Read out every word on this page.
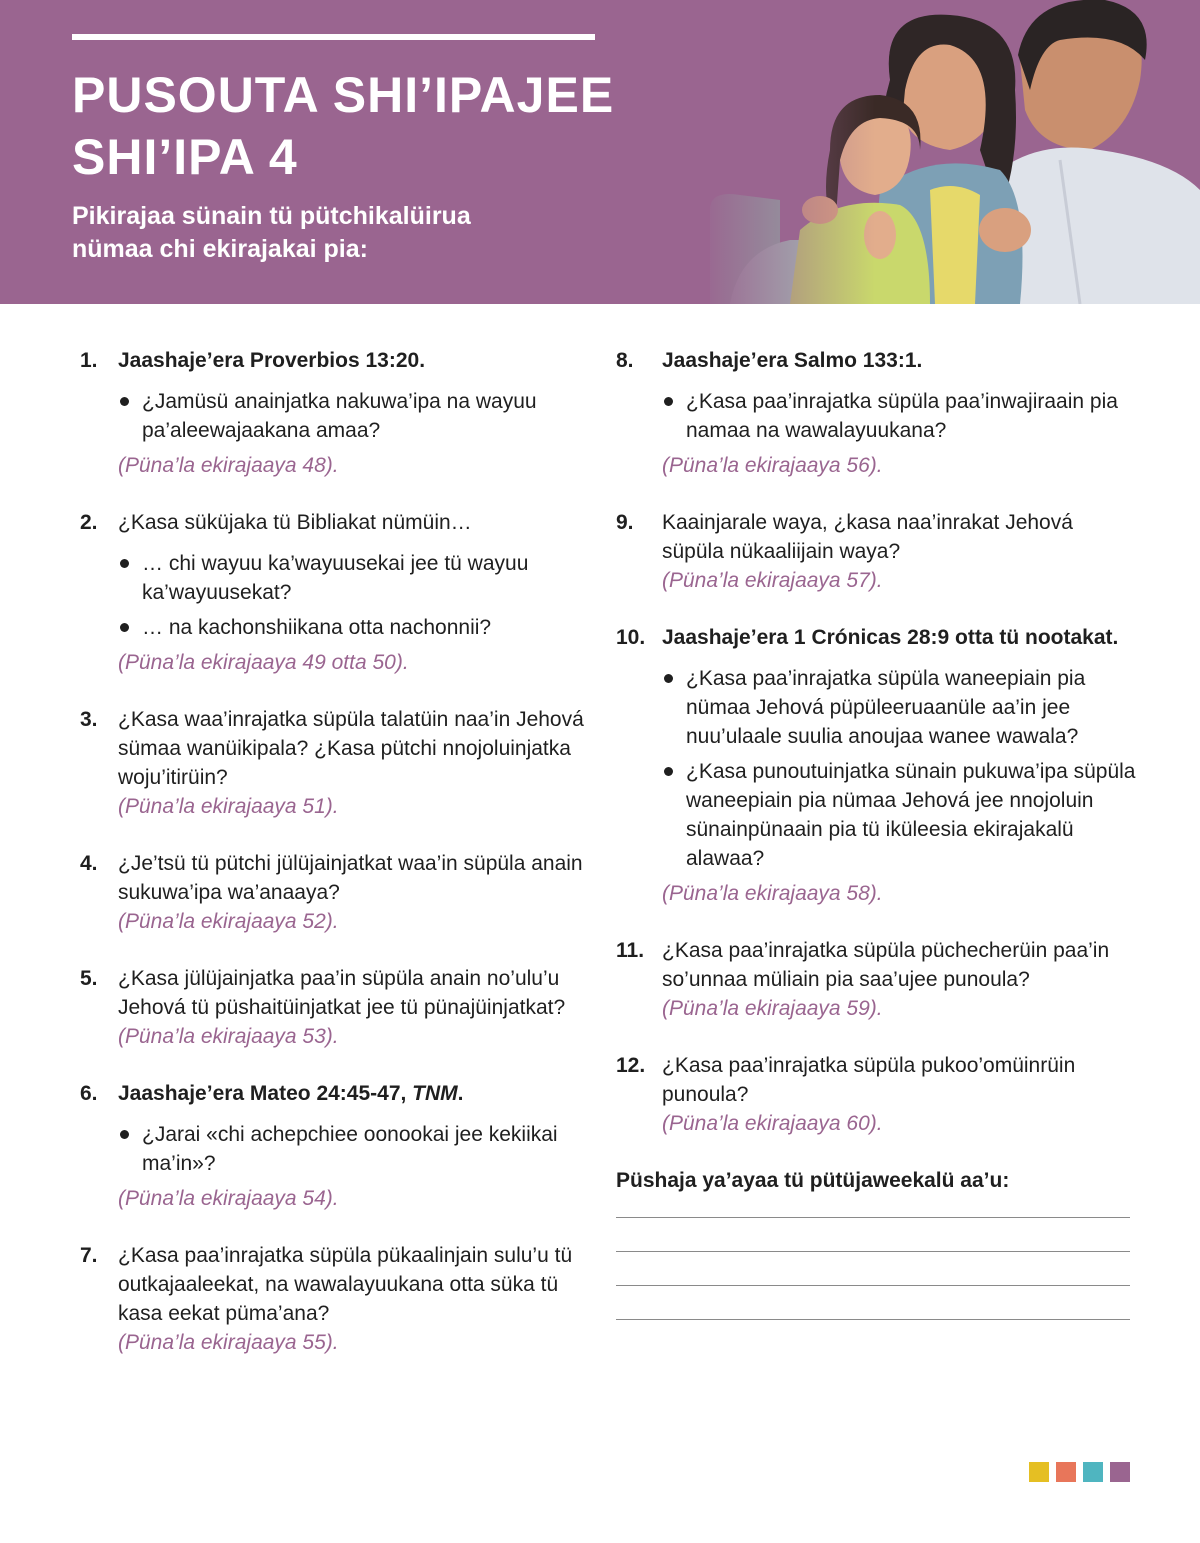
PUSOUTA SHI’IPAJEE
SHI’IPA 4

Pikirajaa sünain tü pütchikalüirua nümaa chi ekirajakai pia:

1. Jaashaje’era Proverbios 13:20.
¿Jamüsü anainjatka nakuwa’ipa na wayuu pa’aleewajaakana amaa?
(Püna’la ekirajaaya 48).
2. ¿Kasa süküjaka tü Bibliakat nümüin…
… chi wayuu ka’wayuusekai jee tü wayuu ka’wayuusekat?
… na kachonshiikana otta nachonnii?
(Püna’la ekirajaaya 49 otta 50).
3. ¿Kasa waa’inrajatka süpüla talatüin naa’in Jehová sümaa wanüikipala? ¿Kasa pütchi nnojoluinjatka woju’itirüin?
(Püna’la ekirajaaya 51).
4. ¿Je’tsü tü pütchi jülüjainjatkat waa’in süpüla anain sukuwa’ipa wa’anaaya?
(Püna’la ekirajaaya 52).
5. ¿Kasa jülüjainjatka paa’in süpüla anain no’ulu’u Jehová tü püshaitüinjatkat jee tü pünajüinjatkat?
(Püna’la ekirajaaya 53).
6. Jaashaje’era Mateo 24:45-47, TNM.
¿Jarai «chi achepchiee oonookai jee kekiikai ma’in»?
(Püna’la ekirajaaya 54).
7. ¿Kasa paa’inrajatka süpüla pükaalinjain sulu’u tü outkajaaleekat, na wawalayuukana otta süka tü kasa eekat püma’ana?
(Püna’la ekirajaaya 55).
8. Jaashaje’era Salmo 133:1.
¿Kasa paa’inrajatka süpüla paa’inwajiraain pia namaa na wawalayuukana?
(Püna’la ekirajaaya 56).
9. Kaainjarale waya, ¿kasa naa’inrakat Jehová süpüla nükaaliijain waya?
(Püna’la ekirajaaya 57).
10. Jaashaje’era 1 Crónicas 28:9 otta tü nootakat.
¿Kasa paa’inrajatka süpüla waneepiain pia nümaa Jehová püpüleeruaanüle aa’in jee nuu’ulaale suulia anoujaa wanee wawala?
¿Kasa punoutuinjatka sünain pukuwa’ipa süpüla waneepiain pia nümaa Jehová jee nnojoluin sünainpünaain pia tü iküleesia ekirajakalü alawaa?
(Püna’la ekirajaaya 58).
11. ¿Kasa paa’inrajatka süpüla püchecherüin paa’in so’unnaa müliain pia saa’ujee punoula?
(Püna’la ekirajaaya 59).
12. ¿Kasa paa’inrajatka süpüla pukoo’omüinrüin punoula?
(Püna’la ekirajaaya 60).
Püshaja ya’ayaa tü pütüjaweekalü aa’u:
